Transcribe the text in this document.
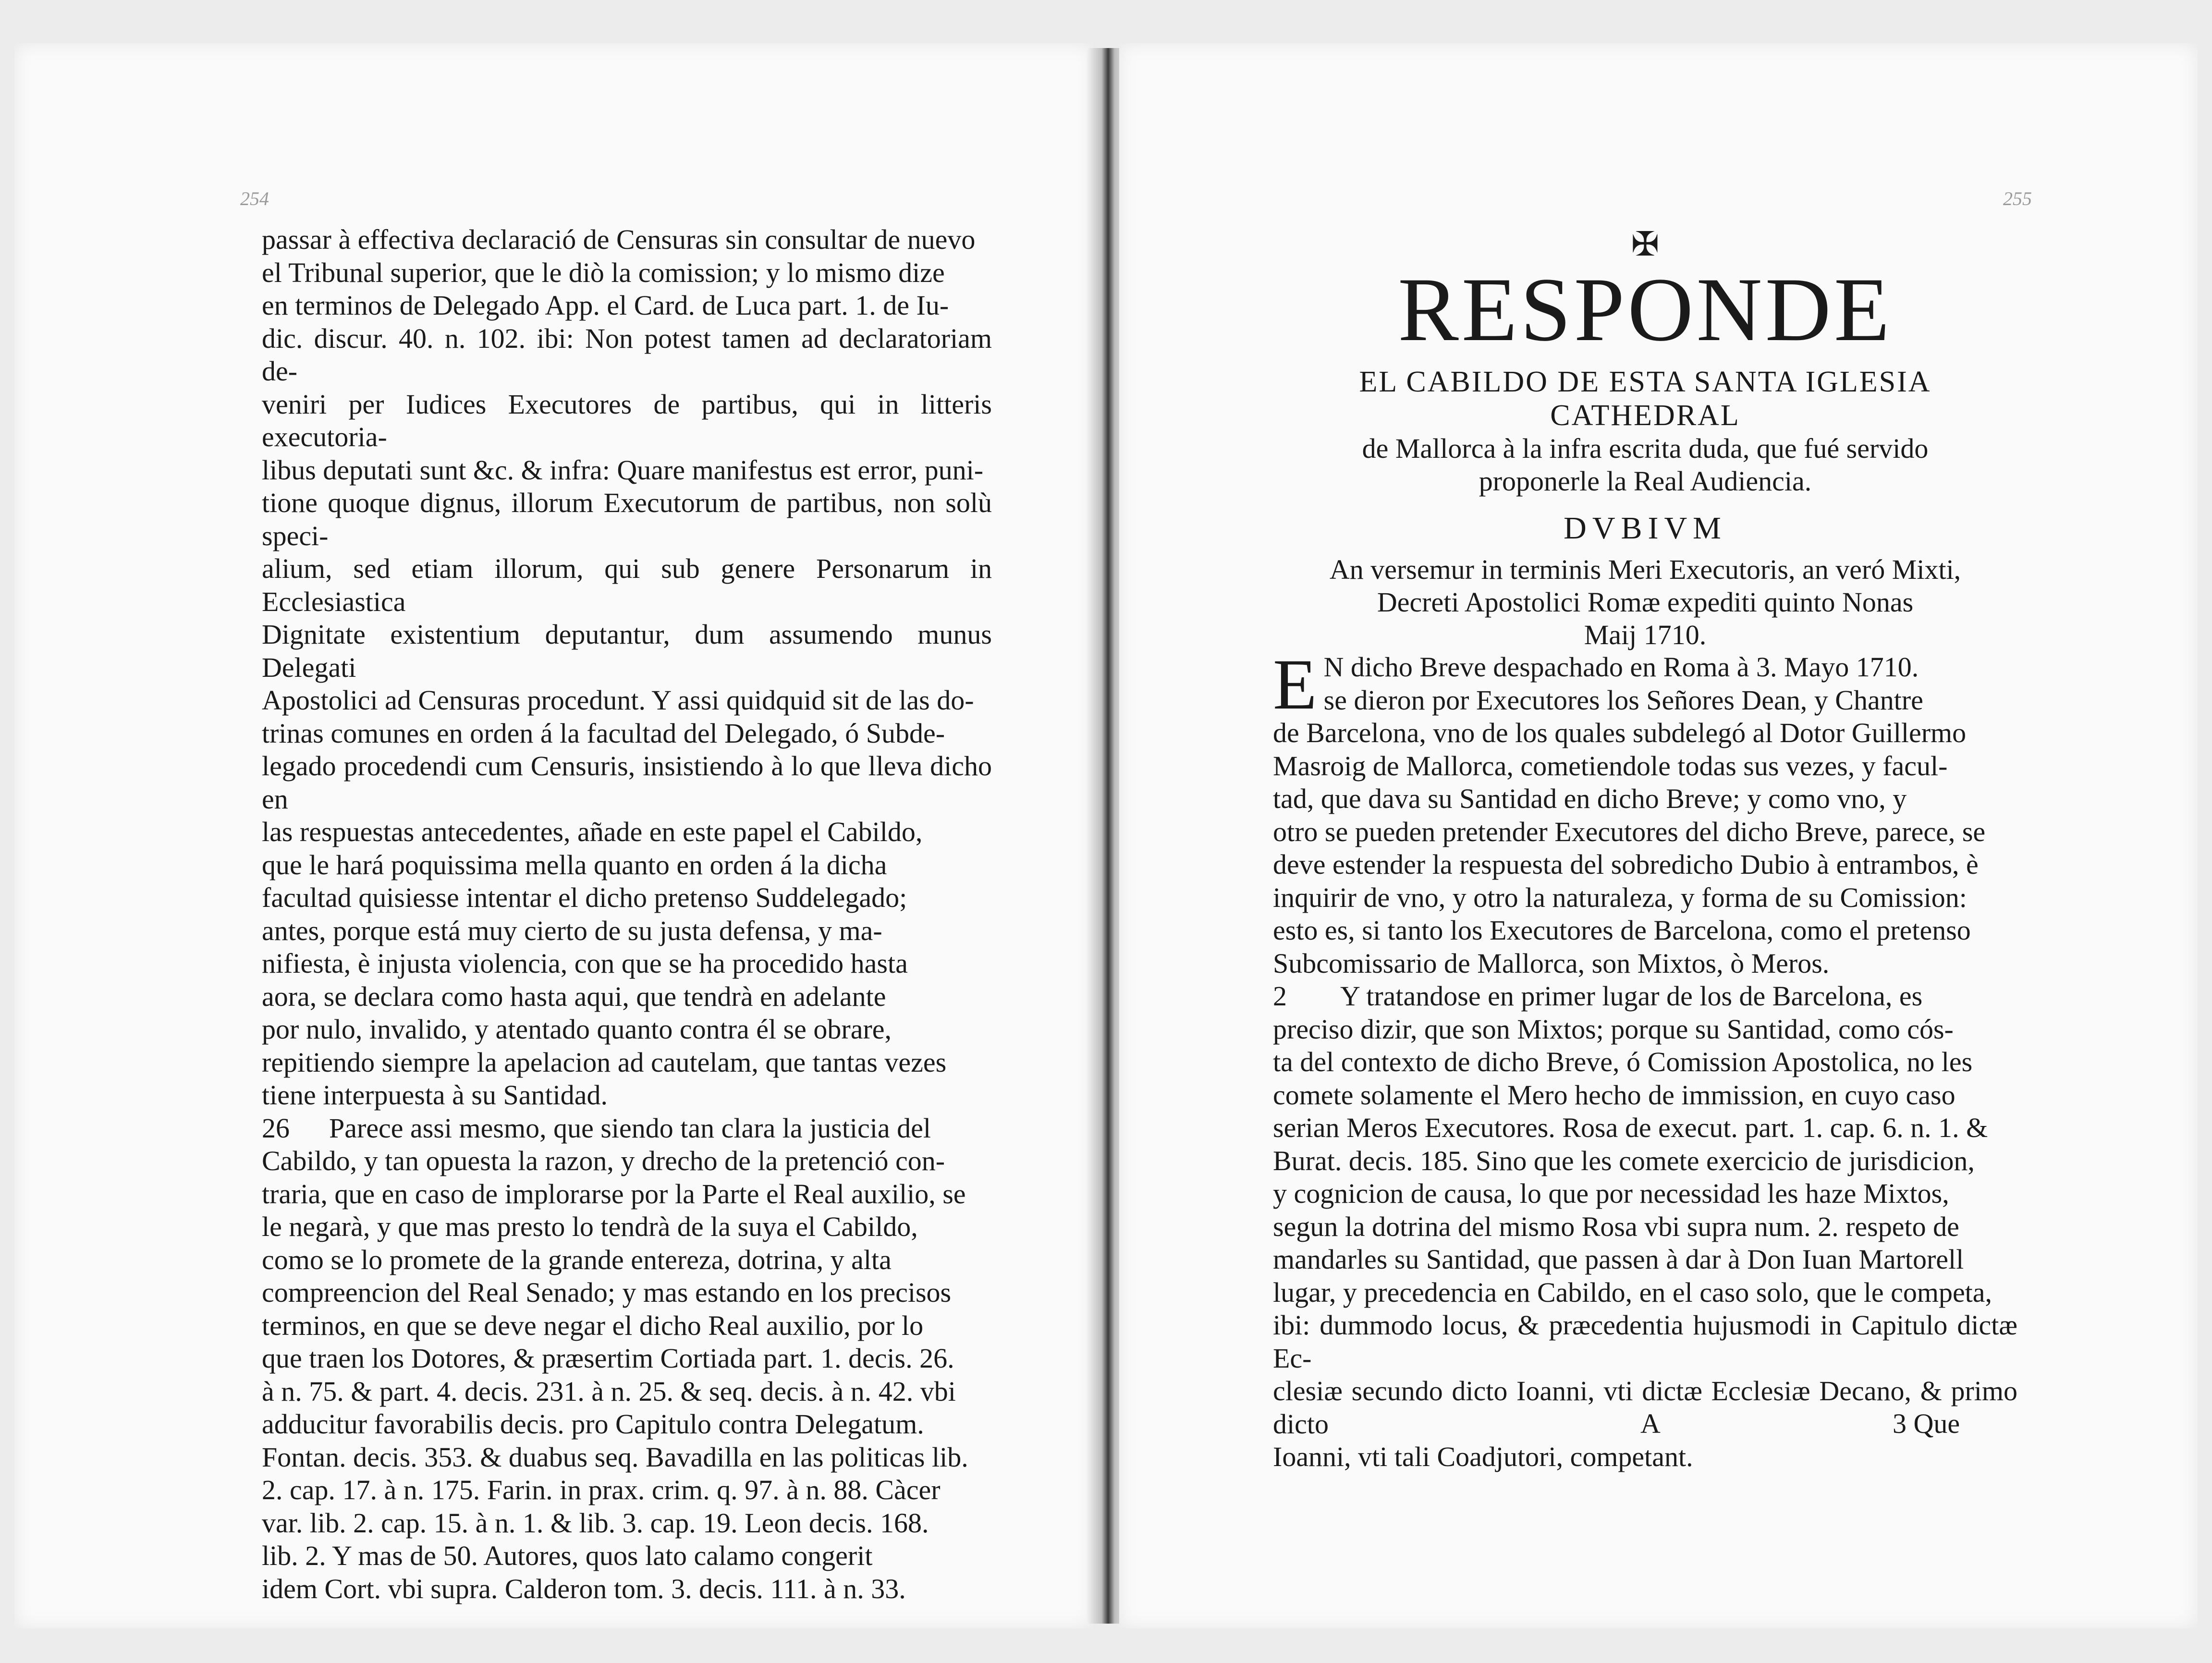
254

passar à effectiva declaració de Censuras sin consultar de nuevo

el Tribunal superior, que le diò la comission; y lo mismo dize

en terminos de Delegado App. el Card. de Luca part. 1. de Iu-

dic. discur. 40. n. 102. ibi: Non potest tamen ad declaratoriam de-

veniri per Iudices Executores de partibus, qui in litteris executoria-

libus deputati sunt &c. & infra: Quare manifestus est error, puni-

tione quoque dignus, illorum Executorum de partibus, non solù speci-

alium, sed etiam illorum, qui sub genere Personarum in Ecclesiastica

Dignitate existentium deputantur, dum assumendo munus Delegati

Apostolici ad Censuras procedunt. Y assi quidquid sit de las do-

trinas comunes en orden á la facultad del Delegado, ó Subde-

legado procedendi cum Censuris, insistiendo à lo que lleva dicho en

las respuestas antecedentes, añade en este papel el Cabildo,

que le hará poquissima mella quanto en orden á la dicha

facultad quisiesse intentar el dicho pretenso Suddelegado;

antes, porque está muy cierto de su justa defensa, y ma-

nifiesta, è injusta violencia, con que se ha procedido hasta

aora, se declara como hasta aqui, que tendrà en adelante

por nulo, invalido, y atentado quanto contra él se obrare,

repitiendo siempre la apelacion ad cautelam, que tantas vezes

tiene interpuesta à su Santidad.

26 Parece assi mesmo, que siendo tan clara la justicia del

Cabildo, y tan opuesta la razon, y drecho de la pretenció con-

traria, que en caso de implorarse por la Parte el Real auxilio, se

le negarà, y que mas presto lo tendrà de la suya el Cabildo,

como se lo promete de la grande entereza, dotrina, y alta

compreencion del Real Senado; y mas estando en los precisos

terminos, en que se deve negar el dicho Real auxilio, por lo

que traen los Dotores, & præsertim Cortiada part. 1. decis. 26.

à n. 75. & part. 4. decis. 231. à n. 25. & seq. decis. à n. 42. vbi

adducitur favorabilis decis. pro Capitulo contra Delegatum.

Fontan. decis. 353. & duabus seq. Bavadilla en las politicas lib.

2. cap. 17. à n. 175. Farin. in prax. crim. q. 97. à n. 88. Càcer

var. lib. 2. cap. 15. à n. 1. & lib. 3. cap. 19. Leon decis. 168.

lib. 2. Y mas de 50. Autores, quos lato calamo congerit

idem Cort. vbi supra. Calderon tom. 3. decis. 111. à n. 33.

255
✠
RESPONDE
EL CABILDO DE ESTA SANTA IGLESIA CATHEDRAL
de Mallorca à la infra escrita duda, que fué servido
proponerle la Real Audiencia.
DVBIVM
An versemur in terminis Meri Executoris, an veró Mixti,
Decreti Apostolici Romæ expediti quinto Nonas
Maij 1710.

E N dicho Breve despachado en Roma à 3. Mayo 1710.

se dieron por Executores los Señores Dean, y Chantre

de Barcelona, vno de los quales subdelegó al Dotor Guillermo

Masroig de Mallorca, cometiendole todas sus vezes, y facul-

tad, que dava su Santidad en dicho Breve; y como vno, y

otro se pueden pretender Executores del dicho Breve, parece, se

deve estender la respuesta del sobredicho Dubio à entrambos, è

inquirir de vno, y otro la naturaleza, y forma de su Comission:

esto es, si tanto los Executores de Barcelona, como el pretenso

Subcomissario de Mallorca, son Mixtos, ò Meros.

2 Y tratandose en primer lugar de los de Barcelona, es

preciso dizir, que son Mixtos; porque su Santidad, como cós-

ta del contexto de dicho Breve, ó Comission Apostolica, no les

comete solamente el Mero hecho de immission, en cuyo caso

serian Meros Executores. Rosa de execut. part. 1. cap. 6. n. 1. &

Burat. decis. 185. Sino que les comete exercicio de jurisdicion,

y cognicion de causa, lo que por necessidad les haze Mixtos,

segun la dotrina del mismo Rosa vbi supra num. 2. respeto de

mandarles su Santidad, que passen à dar à Don Iuan Martorell

lugar, y precedencia en Cabildo, en el caso solo, que le competa,

ibi: dummodo locus, & præcedentia hujusmodi in Capitulo dictæ Ec-

clesiæ secundo dicto Ioanni, vti dictæ Ecclesiæ Decano, & primo dicto

Ioanni, vti tali Coadjutori, competant.

A	3 Que
